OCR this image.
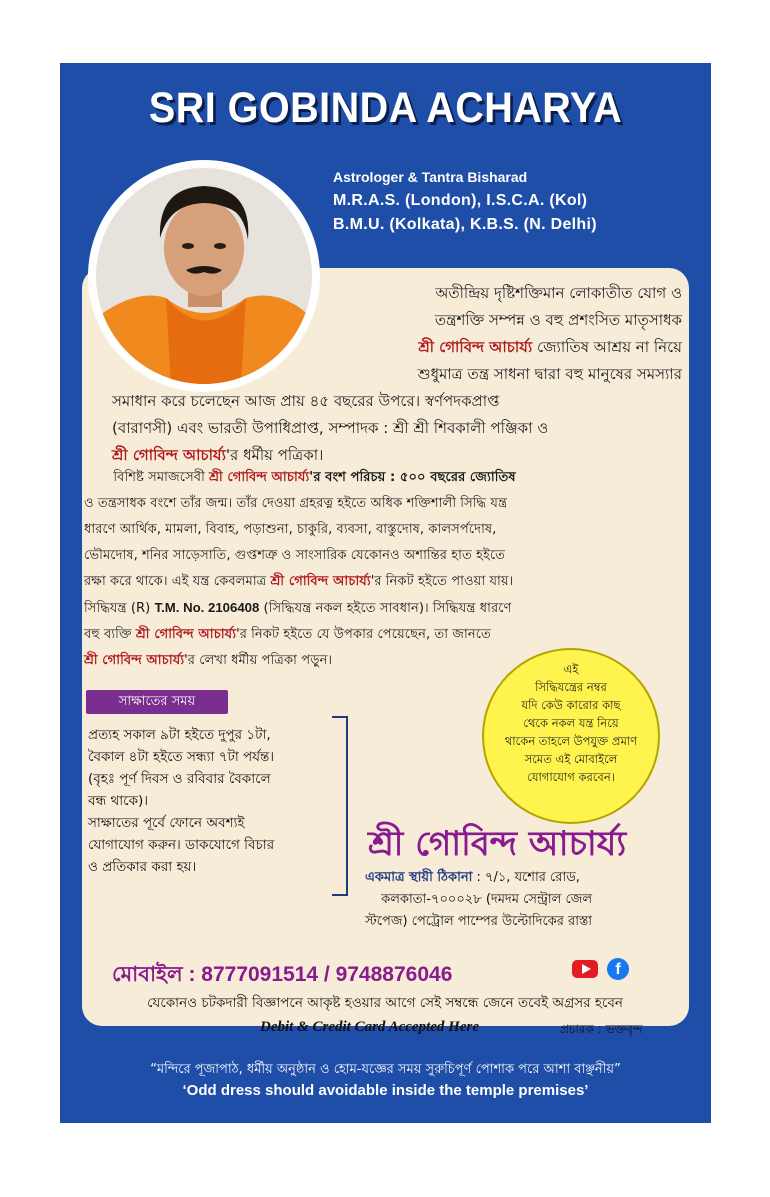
SRI GOBINDA ACHARYA
Astrologer & Tantra Bisharad
M.R.A.S. (London), I.S.C.A. (Kol)
B.M.U. (Kolkata), K.B.S. (N. Delhi)
অতীন্দ্রিয় দৃষ্টিশক্তিমান লোকাতীত যোগ ও
তন্ত্রশক্তি সম্পন্ন ও বহু প্রশংসিত মাতৃসাধক
শ্রী গোবিন্দ আচার্য্য জ্যোতিষ আশ্রয় না নিয়ে
শুধুমাত্র তন্ত্র সাধনা দ্বারা বহু মানুষের সমস্যার
সমাধান করে চলেছেন আজ প্রায় ৪৫ বছরের উপরে। স্বর্ণপদকপ্রাপ্ত
(বারাণসী) এবং ভারতী উপাধিপ্রাপ্ত, সম্পাদক : শ্রী শ্রী শিবকালী পঞ্জিকা ও
শ্রী গোবিন্দ আচার্য্য'র ধর্মীয় পত্রিকা।
বিশিষ্ট সমাজসেবী শ্রী গোবিন্দ আচার্য্য'র বংশ পরিচয় : ৫০০ বছরের জ্যোতিষ
ও তন্ত্রসাধক বংশে তাঁর জন্ম। তাঁর দেওয়া গ্রহরত্ন হইতে অধিক শক্তিশালী সিদ্ধি যন্ত্র
ধারণে আর্থিক, মামলা, বিবাহ, পড়াশুনা, চাকুরি, ব্যবসা, বাস্তুদোষ, কালসর্পদোষ,
ভৌমদোষ, শনির সাড়েসাতি, গুপ্তশত্রু ও সাংসারিক যেকোনও অশান্তির হাত হইতে
রক্ষা করে থাকে। এই যন্ত্র কেবলমাত্র শ্রী গোবিন্দ আচার্য্য'র নিকট হইতে পাওয়া যায়।
সিদ্ধিযন্ত্র (R) T.M. No. 2106408 (সিদ্ধিযন্ত্র নকল হইতে সাবধান)। সিদ্ধিযন্ত্র ধারণে
বহু ব্যক্তি শ্রী গোবিন্দ আচার্য্য'র নিকট হইতে যে উপকার পেয়েছেন, তা জানতে
শ্রী গোবিন্দ আচার্য্য'র লেখা ধর্মীয় পত্রিকা পড়ুন।
সাক্ষাতের সময়
প্রত্যহ সকাল ৯টা হইতে দুপুর ১টা,
বৈকাল ৪টা হইতে সন্ধ্যা ৭টা পর্যন্ত।
(বৃহঃ পূর্ণ দিবস ও রবিবার বৈকালে
বন্ধ থাকে)।
সাক্ষাতের পূর্বে ফোনে অবশ্যই
যোগাযোগ করুন। ডাকযোগে বিচার
ও প্রতিকার করা হয়।
এই
সিদ্ধিযন্ত্রের নম্বর
যদি কেউ কারোর কাছ
থেকে নকল যন্ত্র নিয়ে
থাকেন তাহলে উপযুক্ত প্রমাণ
সমেত এই মোবাইলে
যোগাযোগ করবেন।
শ্রী গোবিন্দ আচার্য্য
একমাত্র স্থায়ী ঠিকানা : ৭/১, যশোর রোড,
কলকাতা-৭০০০২৮ (দমদম সেন্ট্রাল জেল
স্টপেজ) পেট্রোল পাম্পের উল্টোদিকের রাস্তা
মোবাইল : 8777091514 / 9748876046	f
যেকোনও চটকদারী বিজ্ঞাপনে আকৃষ্ট হওয়ার আগে সেই সম্বন্ধে জেনে তবেই অগ্রসর হবেন
Debit & Credit Card Accepted Here	প্রচারক : ভক্তবৃন্দ
“মন্দিরে পূজাপাঠ, ধর্মীয় অনুষ্ঠান ও হোম-যজ্ঞের সময় সুরুচিপূর্ণ পোশাক পরে আশা বাঞ্ছনীয়”
‘Odd dress should avoidable inside the temple premises’
